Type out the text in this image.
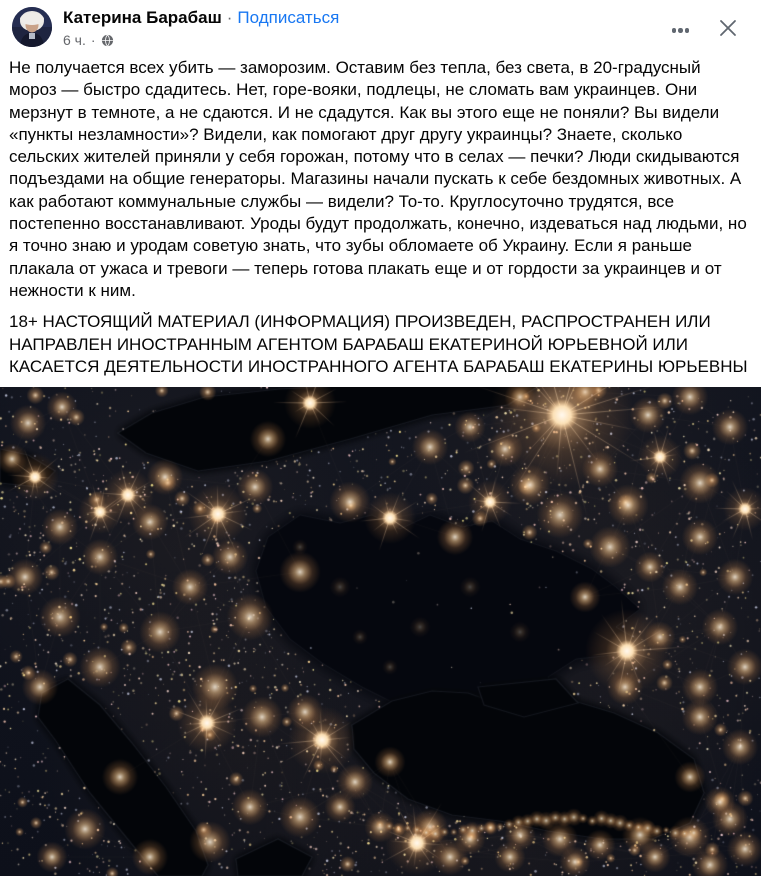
Катерина Барабаш · Подписаться
6 ч. ·

Не получается всех убить — заморозим. Оставим без тепла, без света, в 20-градусный мороз — быстро сдадитесь. Нет, горе-вояки, подлецы, не сломать вам украинцев. Они мерзнут в темноте, а не сдаются. И не сдадутся. Как вы этого еще не поняли? Вы видели «пункты незламности»? Видели, как помогают друг другу украинцы? Знаете, сколько сельских жителей приняли у себя горожан, потому что в селах — печки? Люди скидываются подъездами на общие генераторы. Магазины начали пускать к себе бездомных животных. А как работают коммунальные службы — видели? То-то. Круглосуточно трудятся, все постепенно восстанавливают. Уроды будут продолжать, конечно, издеваться над людьми, но я точно знаю и уродам советую знать, что зубы обломаете об Украину. Если я раньше плакала от ужаса и тревоги — теперь готова плакать еще и от гордости за украинцев и от нежности к ним.

18+ НАСТОЯЩИЙ МАТЕРИАЛ (ИНФОРМАЦИЯ) ПРОИЗВЕДЕН, РАСПРОСТРАНЕН ИЛИ НАПРАВЛЕН ИНОСТРАННЫМ АГЕНТОМ БАРАБАШ ЕКАТЕРИНОЙ ЮРЬЕВНОЙ ИЛИ КАСАЕТСЯ ДЕЯТЕЛЬНОСТИ ИНОСТРАННОГО АГЕНТА БАРАБАШ ЕКАТЕРИНЫ ЮРЬЕВНЫ
